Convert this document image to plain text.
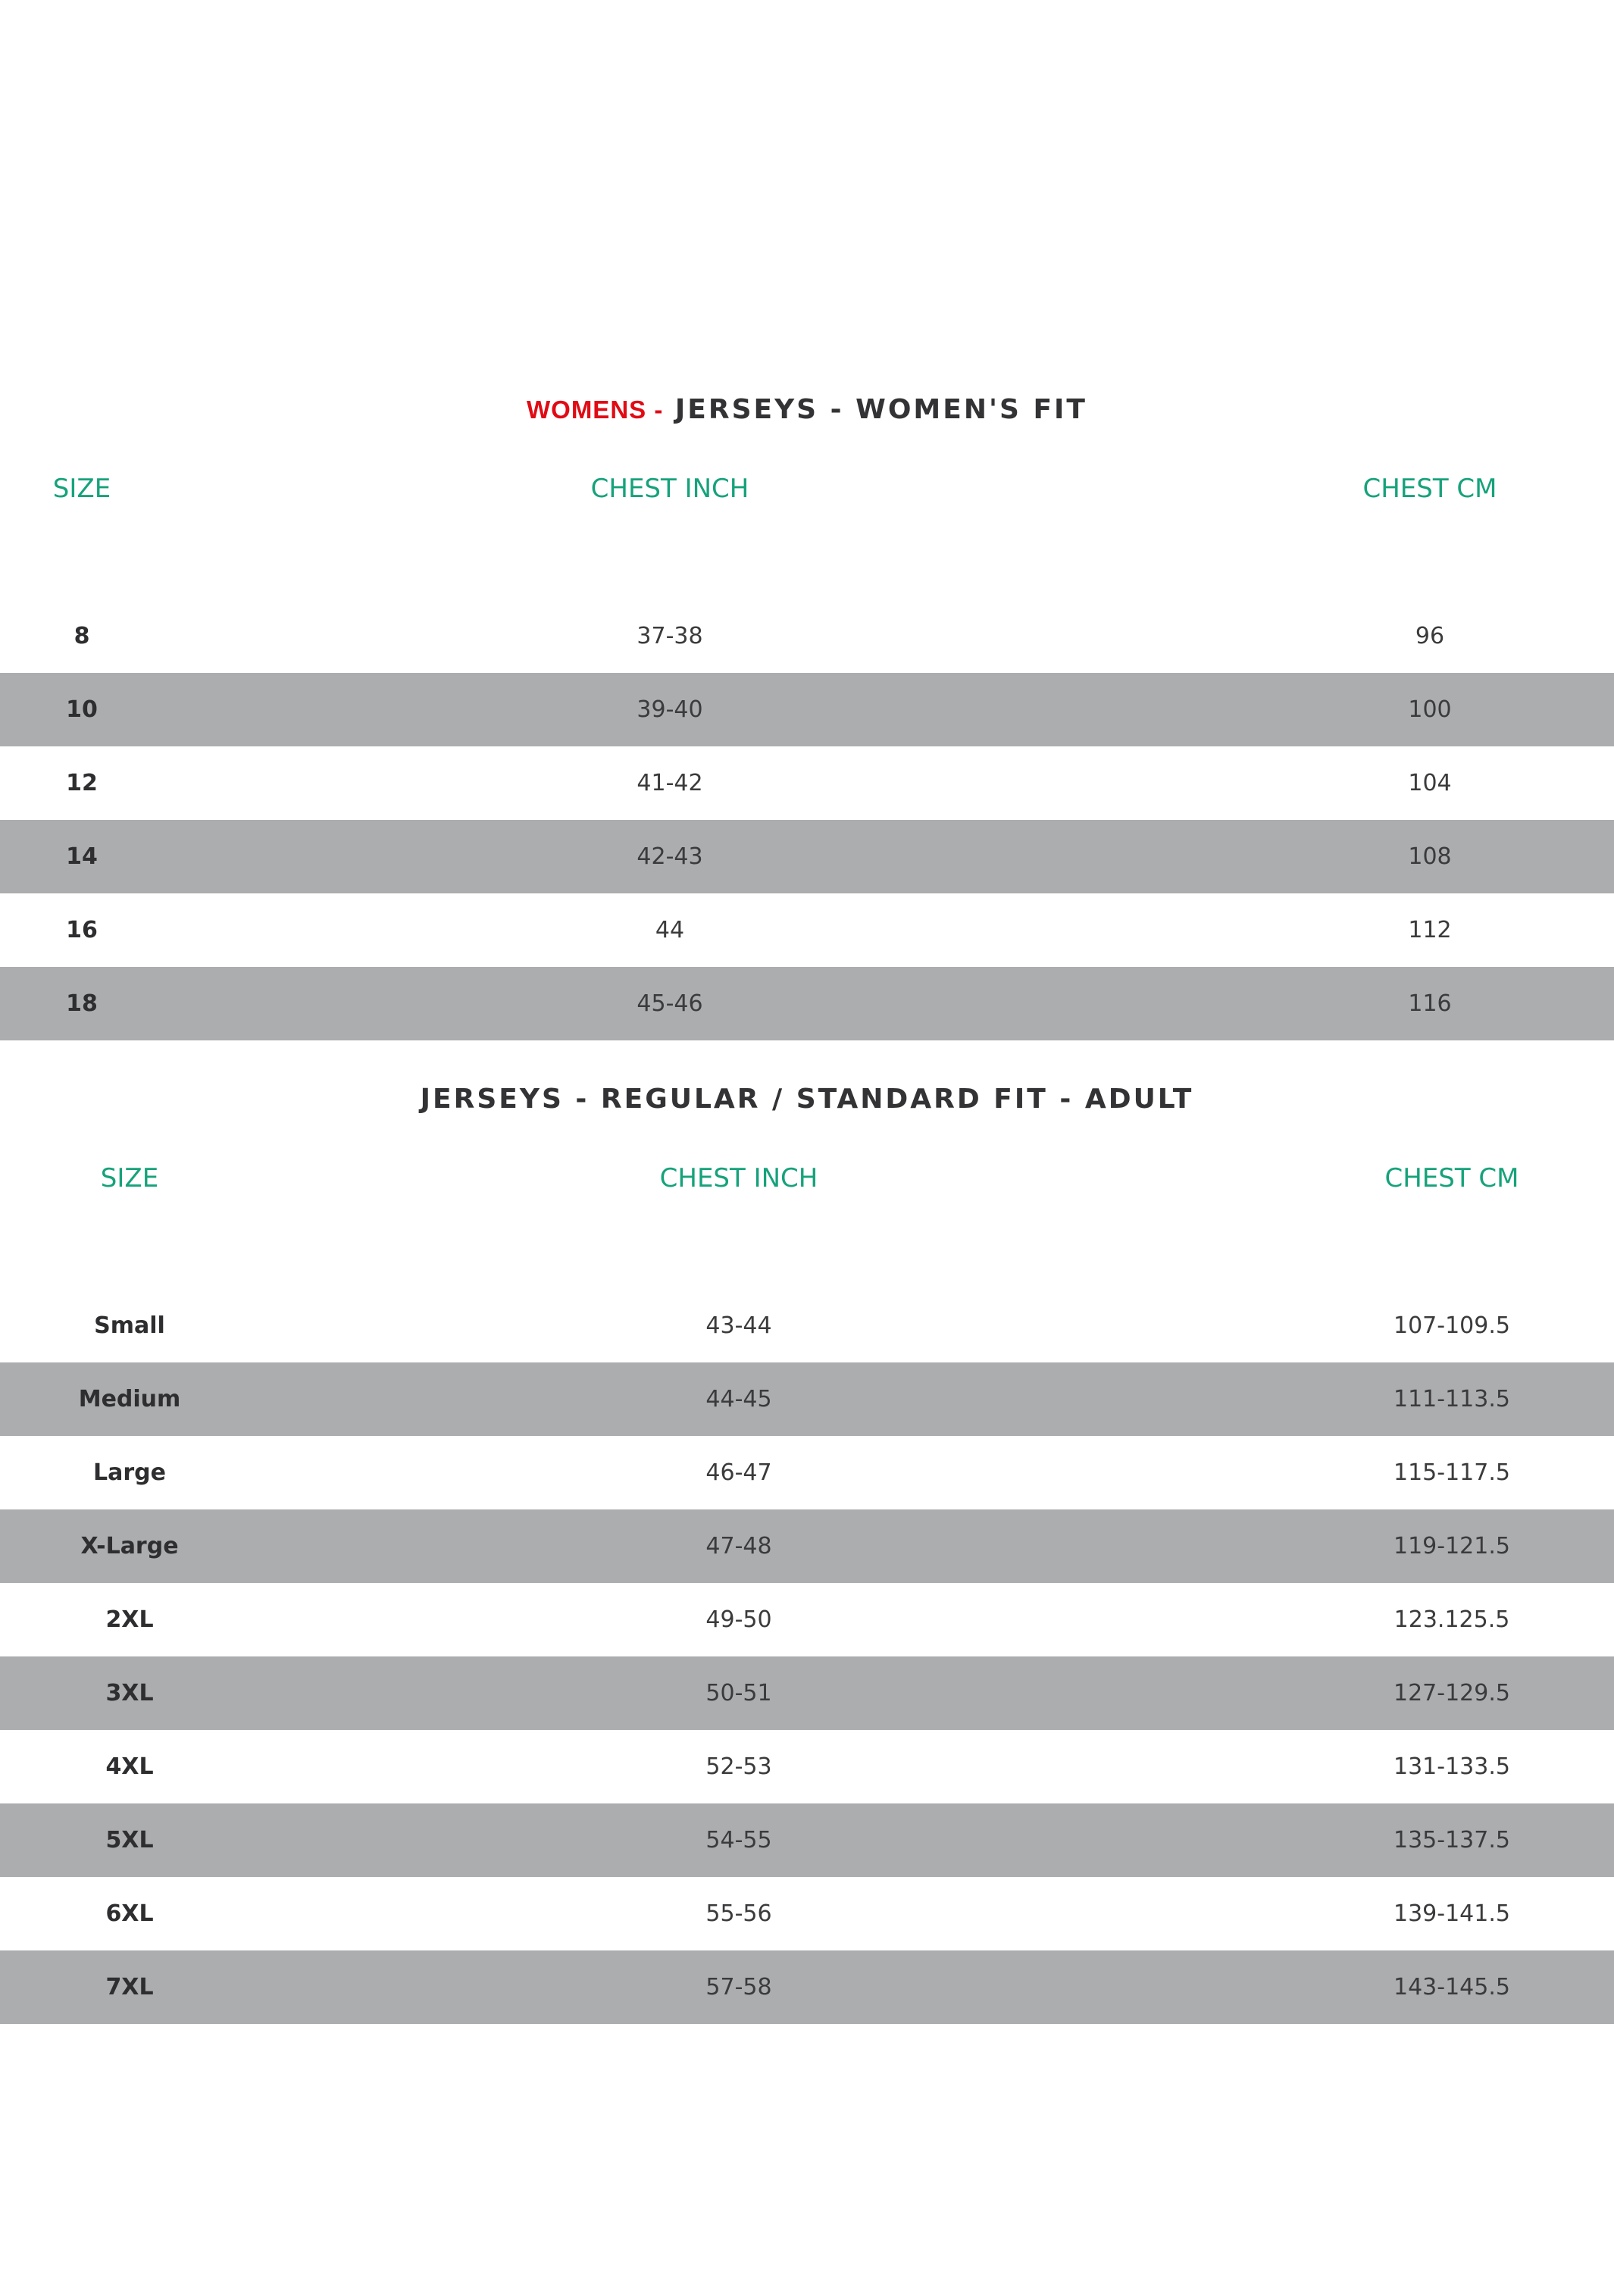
WOMENS - JERSEYS - WOMEN'S FIT
SIZE	CHEST INCH	CHEST CM
8	37-38	96
10	39-40	100
12	41-42	104
14	42-43	108
16	44	112
18	45-46	116
JERSEYS - REGULAR / STANDARD FIT - ADULT
SIZE	CHEST INCH	CHEST CM
Small	43-44	107-109.5
Medium	44-45	111-113.5
Large	46-47	115-117.5
X-Large	47-48	119-121.5
2XL	49-50	123.125.5
3XL	50-51	127-129.5
4XL	52-53	131-133.5
5XL	54-55	135-137.5
6XL	55-56	139-141.5
7XL	57-58	143-145.5
